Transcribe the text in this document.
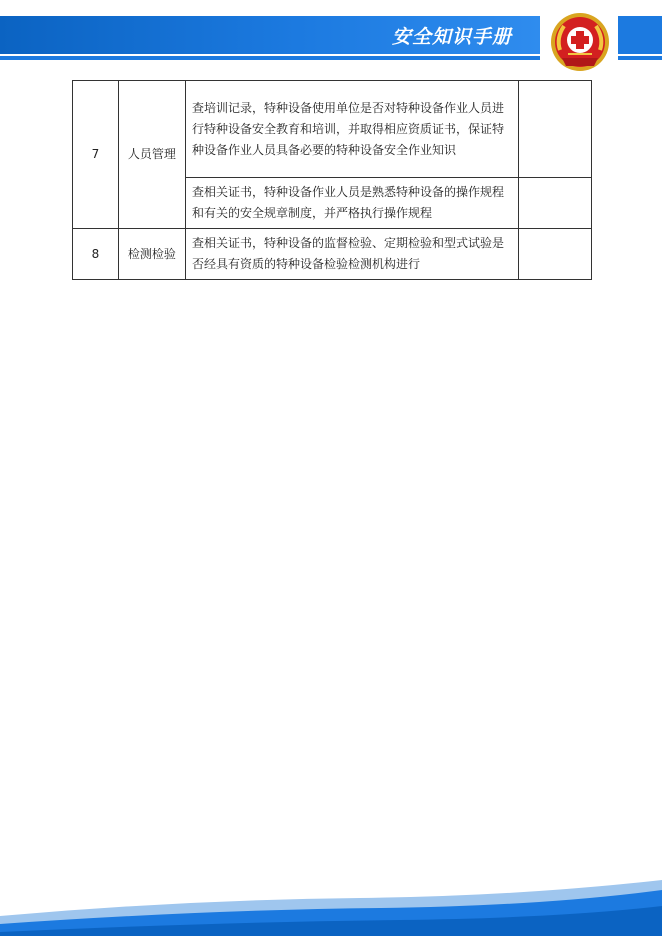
安全知识手册
7	人员管理	查培训记录，特种设备使用单位是否对特种设备作业人员进行特种设备安全教育和培训，并取得相应资质证书，保证特种设备作业人员具备必要的特种设备安全作业知识	
		查相关证书，特种设备作业人员是熟悉特种设备的操作规程和有关的安全规章制度，并严格执行操作规程	
8	检测检验	查相关证书，特种设备的监督检验、定期检验和型式试验是否经具有资质的特种设备检验检测机构进行	
